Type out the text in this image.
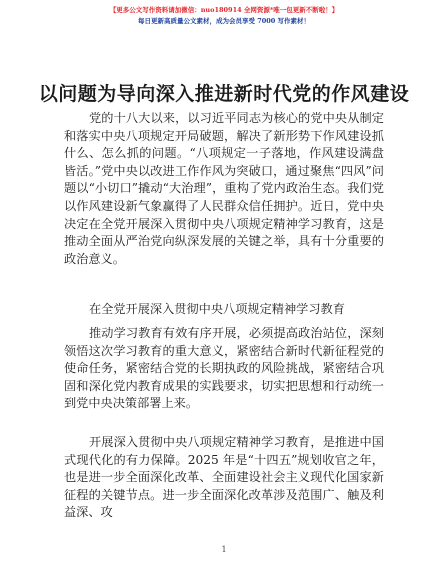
【更多公文写作资料请加微信：nuo180914 全网资源*唯一包更新不断啦！】
每日更新高质量公文素材，成为会员享受 7000 写作素材！
以问题为导向深入推进新时代党的作风建设

党的十八大以来，以习近平同志为核心的党中央从制定和落实中央八项规定开局破题，解决了新形势下作风建设抓什么、怎么抓的问题。“八项规定一子落地，作风建设满盘皆活。”党中央以改进工作作风为突破口，通过聚焦“四风”问题以“小切口”撬动“大治理”，重构了党内政治生态。我们党以作风建设新气象赢得了人民群众信任拥护。近日，党中央决定在全党开展深入贯彻中央八项规定精神学习教育，这是推动全面从严治党向纵深发展的关键之举，具有十分重要的政治意义。

在全党开展深入贯彻中央八项规定精神学习教育

推动学习教育有效有序开展，必须提高政治站位，深刻领悟这次学习教育的重大意义，紧密结合新时代新征程党的使命任务，紧密结合党的长期执政的风险挑战，紧密结合巩固和深化党内教育成果的实践要求，切实把思想和行动统一到党中央决策部署上来。

开展深入贯彻中央八项规定精神学习教育，是推进中国式现代化的有力保障。2025 年是“十四五”规划收官之年，也是进一步全面深化改革、全面建设社会主义现代化国家新征程的关键节点。进一步全面深化改革涉及范围广、触及利益深、攻

1
